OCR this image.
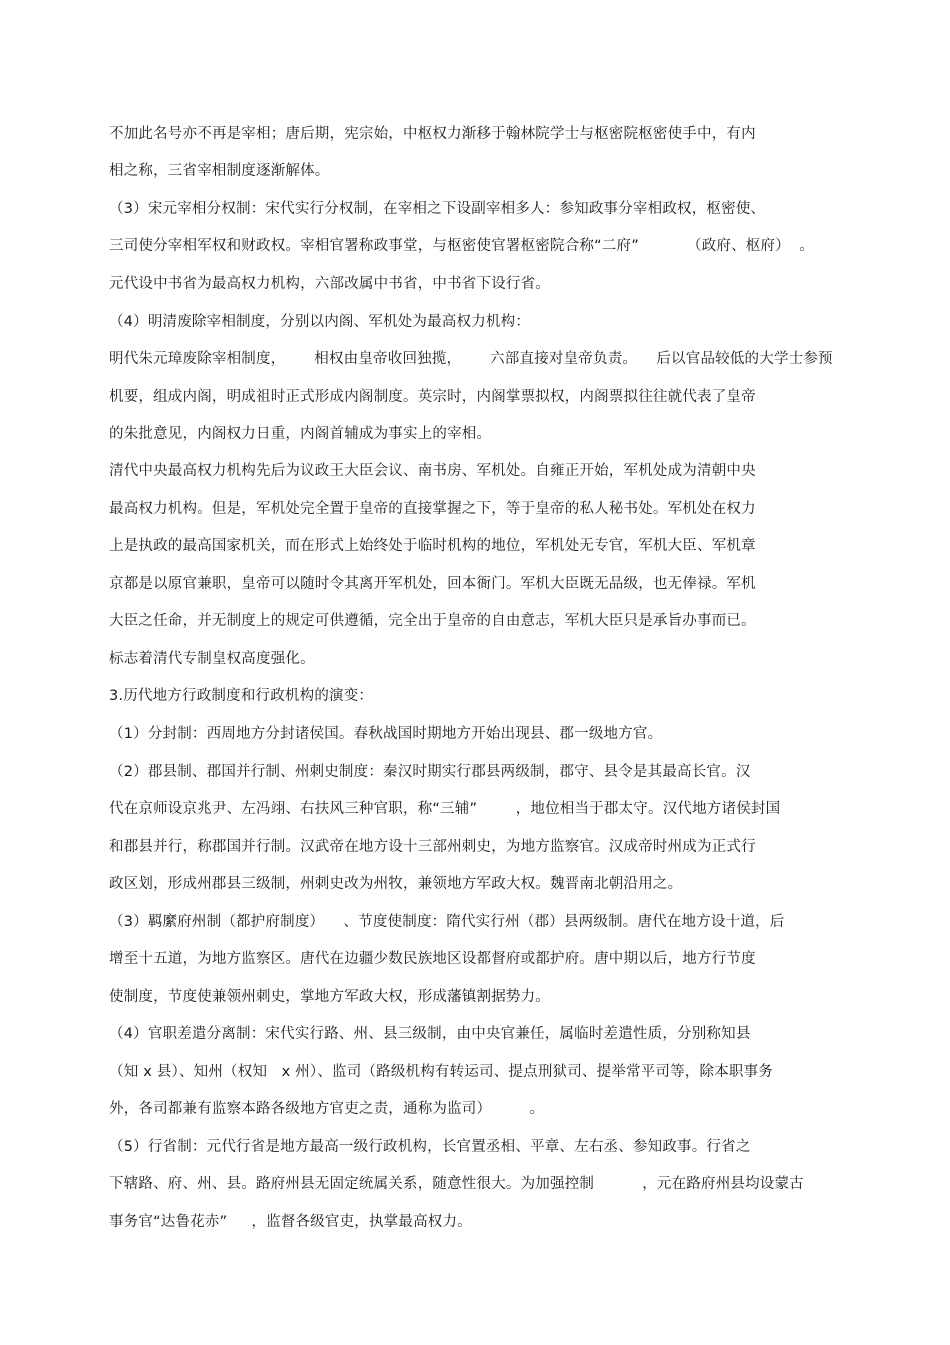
不加此名号亦不再是宰相；唐后期，宪宗始，中枢权力渐移于翰林院学士与枢密院枢密使手中，有内
相之称，三省宰相制度逐渐解体。
（3）宋元宰相分权制：宋代实行分权制，在宰相之下设副宰相多人：参知政事分宰相政权，枢密使、
三司使分宰相军权和财政权。宰相官署称政事堂，与枢密使官署枢密院合称“二府”          （政府、枢府）  。
元代设中书省为最高权力机构，六部改属中书省，中书省下设行省。
（4）明清废除宰相制度，分别以内阁、军机处为最高权力机构：
明代朱元璋废除宰相制度，      相权由皇帝收回独揽，      六部直接对皇帝负责。    后以官品较低的大学士参预
机要，组成内阁，明成祖时正式形成内阁制度。英宗时，内阁掌票拟权，内阁票拟往往就代表了皇帝
的朱批意见，内阁权力日重，内阁首辅成为事实上的宰相。
清代中央最高权力机构先后为议政王大臣会议、南书房、军机处。自雍正开始，军机处成为清朝中央
最高权力机构。但是，军机处完全置于皇帝的直接掌握之下，等于皇帝的私人秘书处。军机处在权力
上是执政的最高国家机关，而在形式上始终处于临时机构的地位，军机处无专官，军机大臣、军机章
京都是以原官兼职，皇帝可以随时令其离开军机处，回本衙门。军机大臣既无品级，也无俸禄。军机
大臣之任命，并无制度上的规定可供遵循，完全出于皇帝的自由意志，军机大臣只是承旨办事而已。
标志着清代专制皇权高度强化。
3.历代地方行政制度和行政机构的演变：
（1）分封制：西周地方分封诸侯国。春秋战国时期地方开始出现县、郡一级地方官。
（2）郡县制、郡国并行制、州刺史制度：秦汉时期实行郡县两级制，郡守、县令是其最高长官。汉
代在京师设京兆尹、左冯翊、右扶风三种官职，称“三辅”        ，地位相当于郡太守。汉代地方诸侯封国
和郡县并行，称郡国并行制。汉武帝在地方设十三部州刺史，为地方监察官。汉成帝时州成为正式行
政区划，形成州郡县三级制，州刺史改为州牧，兼领地方军政大权。魏晋南北朝沿用之。
（3）羁縻府州制（都护府制度）    、节度使制度：隋代实行州（郡）县两级制。唐代在地方设十道，后
增至十五道，为地方监察区。唐代在边疆少数民族地区设都督府或都护府。唐中期以后，地方行节度
使制度，节度使兼领州刺史，掌地方军政大权，形成藩镇割据势力。
（4）官职差遣分离制：宋代实行路、州、县三级制，由中央官兼任，属临时差遣性质，分别称知县
（知 x 县）、知州（权知   x 州）、监司（路级机构有转运司、提点刑狱司、提举常平司等，除本职事务
外，各司都兼有监察本路各级地方官吏之责，通称为监司）        。
（5）行省制：元代行省是地方最高一级行政机构，长官置丞相、平章、左右丞、参知政事。行省之
下辖路、府、州、县。路府州县无固定统属关系，随意性很大。为加强控制          ，元在路府州县均设蒙古
事务官“达鲁花赤”     ，监督各级官吏，执掌最高权力。
